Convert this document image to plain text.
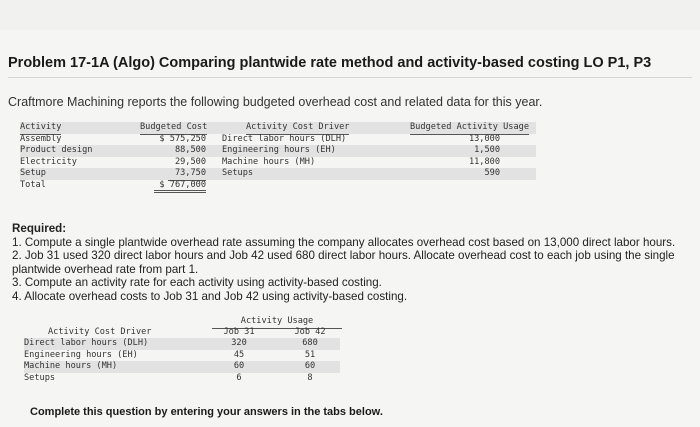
Problem 17-1A (Algo) Comparing plantwide rate method and activity-based costing LO P1, P3
Craftmore Machining reports the following budgeted overhead cost and related data for this year.
Activity	Budgeted Cost	Activity Cost Driver	Budgeted Activity Usage
Assembly	$ 575,250 Direct labor hours (DLH)	13,000
Product design	88,500 Engineering hours (EH)	1,500
Electricity	29,500 Machine hours (MH)	11,800
Setup	73,750 Setups	590
Total	$ 767,000
Required:
1. Compute a single plantwide overhead rate assuming the company allocates overhead cost based on 13,000 direct labor hours.
2. Job 31 used 320 direct labor hours and Job 42 used 680 direct labor hours. Allocate overhead cost to each job using the single plantwide overhead rate from part 1.
3. Compute an activity rate for each activity using activity-based costing.
4. Allocate overhead costs to Job 31 and Job 42 using activity-based costing.
Activity Usage
Activity Cost Driver	Job 31	Job 42
Direct labor hours (DLH)	320	680
Engineering hours (EH)	45	51
Machine hours (MH)	60	60
Setups	6	8
Complete this question by entering your answers in the tabs below.
